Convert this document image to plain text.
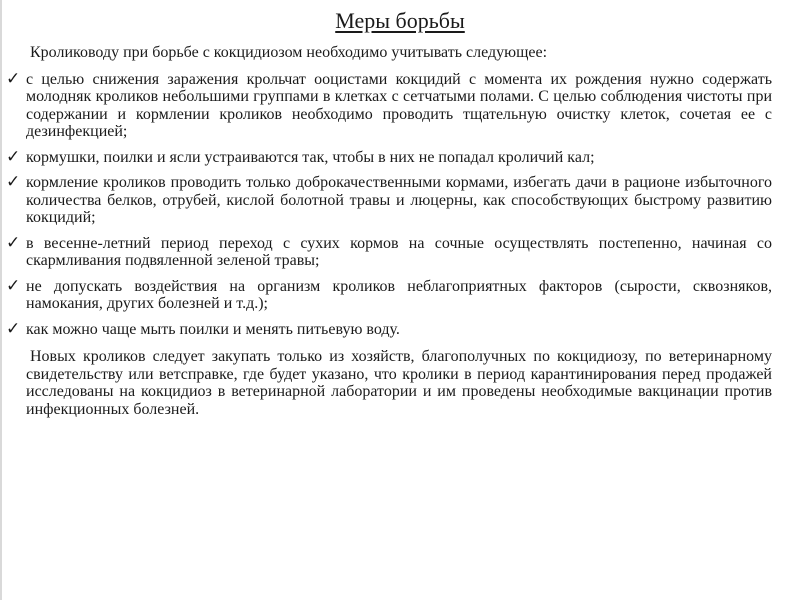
Меры борьбы

Кролиководу при борьбе с кокцидиозом необходимо учитывать следующее:

✓ с целью снижения заражения крольчат ооцистами кокцидий с момента их рождения нужно содержать молодняк кроликов небольшими группами в клетках с сетчатыми полами. С целью соблюдения чистоты при содержании и кормлении кроликов необходимо проводить тщательную очистку клеток, сочетая ее с дезинфекцией;
✓ кормушки, поилки и ясли устраиваются так, чтобы в них не попадал кроличий кал;
✓ кормление кроликов проводить только доброкачественными кормами, избегать дачи в рационе избыточного количества белков, отрубей, кислой болотной травы и люцерны, как способствующих быстрому развитию кокцидий;
✓ в весенне-летний период переход с сухих кормов на сочные осуществлять постепенно, начиная со скармливания подвяленной зеленой травы;
✓ не допускать воздействия на организм кроликов неблагоприятных факторов (сырости, сквозняков, намокания, других болезней и т.д.);
✓ как можно чаще мыть поилки и менять питьевую воду.

Новых кроликов следует закупать только из хозяйств, благополучных по кокцидиозу, по ветеринарному свидетельству или ветсправке, где будет указано, что кролики в период карантинирования перед продажей исследованы на кокцидиоз в ветеринарной лаборатории и им проведены необходимые вакцинации против инфекционных болезней.
